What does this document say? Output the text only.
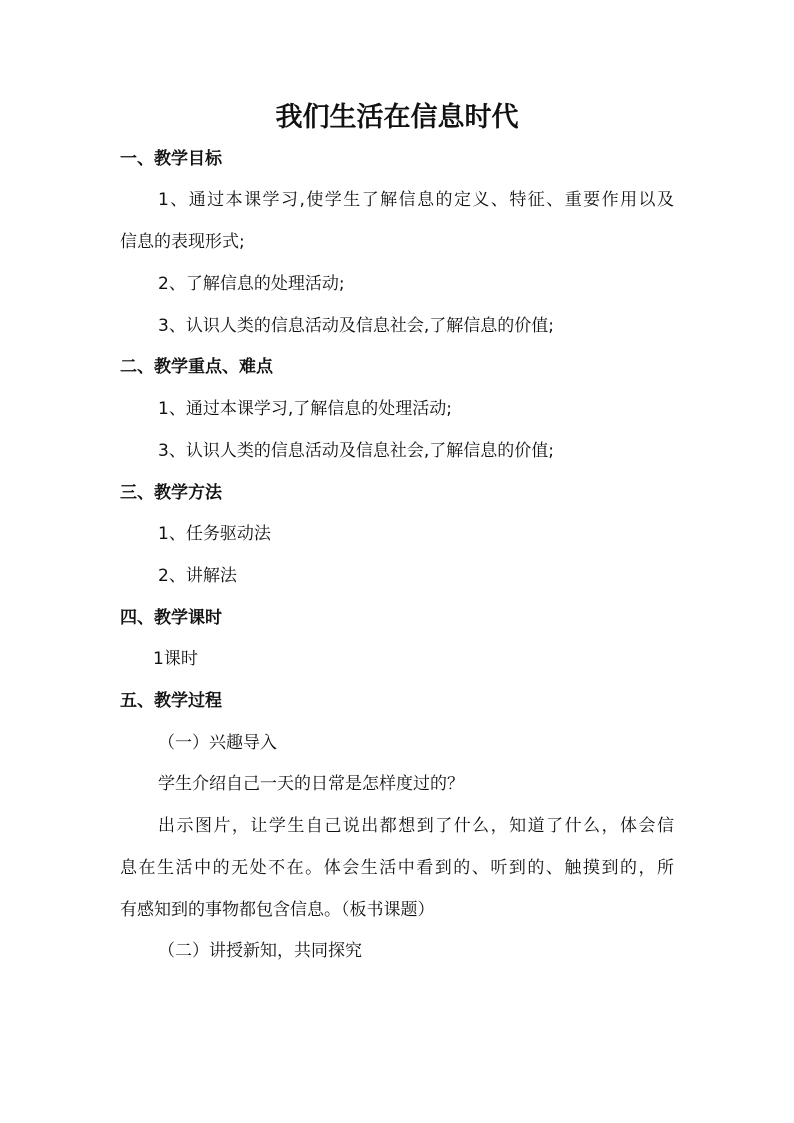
我们生活在信息时代
一、教学目标
1、通过本课学习,使学生了解信息的定义、特征、重要作用以及
信息的表现形式;
2、了解信息的处理活动;
3、认识人类的信息活动及信息社会,了解信息的价值;
二、教学重点、难点
1、通过本课学习,了解信息的处理活动;
3、认识人类的信息活动及信息社会,了解信息的价值;
三、教学方法
1、任务驱动法
2、讲解法
四、教学课时
1课时
五、教学过程
（一）兴趣导入
学生介绍自己一天的日常是怎样度过的？
出示图片，让学生自己说出都想到了什么，知道了什么，体会信
息在生活中的无处不在。体会生活中看到的、听到的、触摸到的，所
有感知到的事物都包含信息。（板书课题）
（二）讲授新知，共同探究
